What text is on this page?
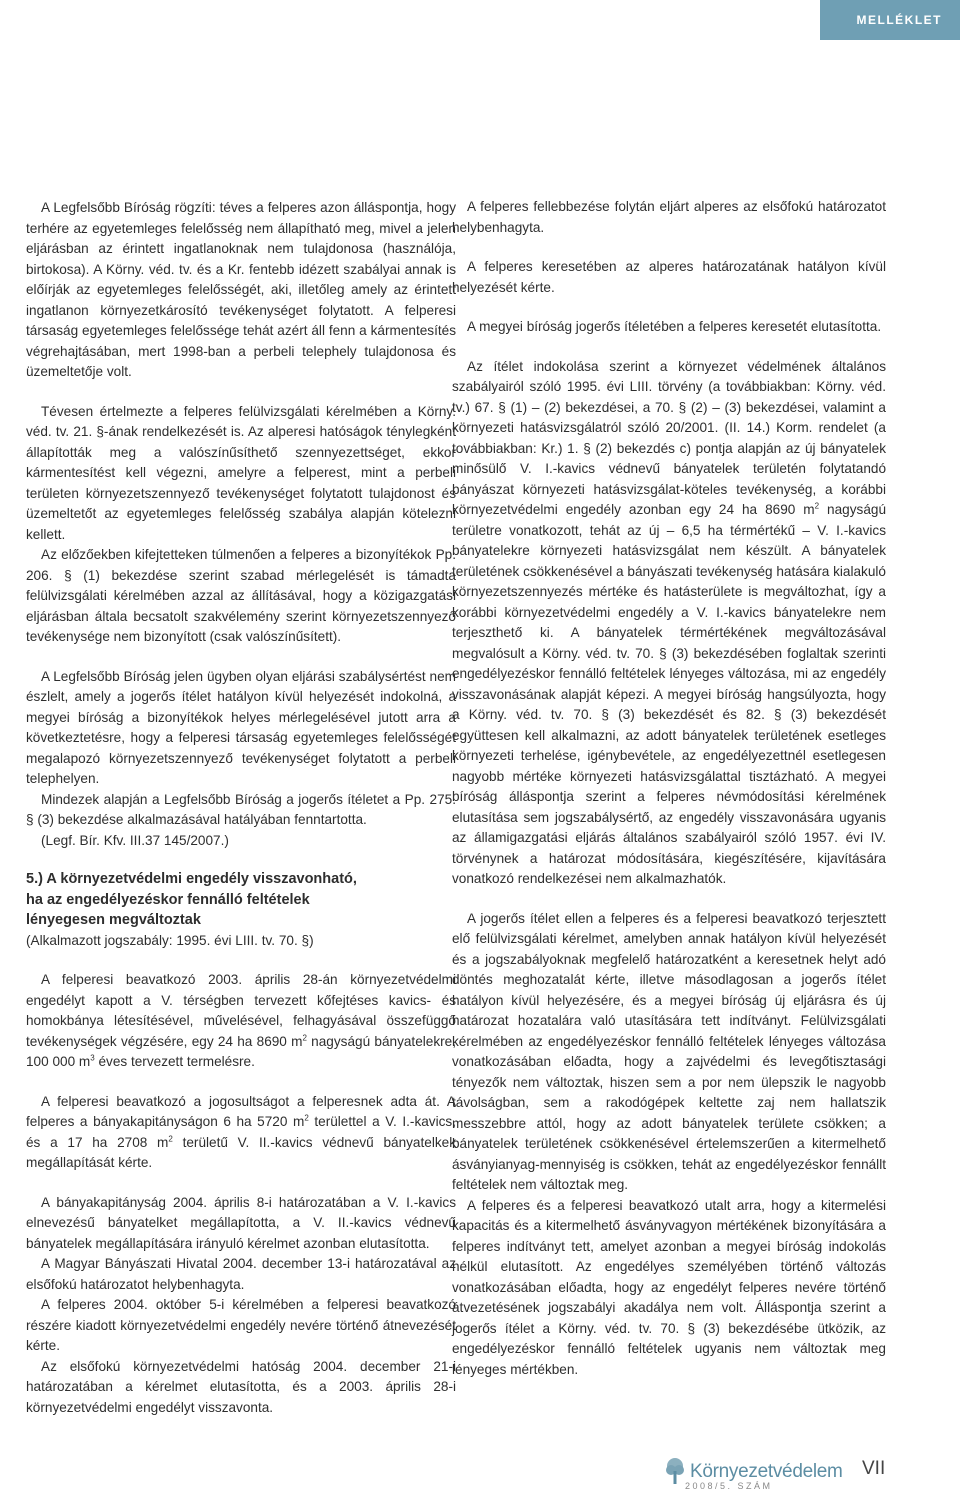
MELLÉKLET

A Legfelsőbb Bíróság rögzíti: téves a felperes azon álláspontja, hogy terhére az egyetemleges felelősség nem állapítható meg, mivel a jelen eljárásban az érintett ingatlanoknak nem tulajdonosa (használója, birtokosa). A Körny. véd. tv. és a Kr. fentebb idézett szabályai annak is előírják az egyetemleges felelősségét, aki, illetőleg amely az érintett ingatlanon környezetkárosító tevékenységet folytatott. A felperesi társaság egyetemleges felelőssége tehát azért áll fenn a kármentesítés végrehajtásában, mert 1998-ban a perbeli telephely tulajdonosa és üzemeltetője volt.

Tévesen értelmezte a felperes felülvizsgálati kérelmében a Körny. véd. tv. 21. §-ának rendelkezését is. Az alperesi hatóságok ténylegként állapították meg a valószínűsíthető szennyezettséget, ekkor kármentesítést kell végezni, amelyre a felperest, mint a perbeli területen környezetszennyező tevékenységet folytatott tulajdonost és üzemeltetőt az egyetemleges felelősség szabálya alapján kötelezni kellett.

Az előzőekben kifejtetteken túlmenően a felperes a bizonyítékok Pp. 206. § (1) bekezdése szerint szabad mérlegelését is támadta felülvizsgálati kérelmében azzal az állításával, hogy a közigazgatási eljárásban általa becsatolt szakvélemény szerint környezetszennyező tevékenysége nem bizonyított (csak valószínűsített).

A Legfelsőbb Bíróság jelen ügyben olyan eljárási szabálysértést nem észlelt, amely a jogerős ítélet hatályon kívül helyezését indokolná, a megyei bíróság a bizonyítékok helyes mérlegelésével jutott arra a következtetésre, hogy a felperesi társaság egyetemleges felelősségét megalapozó környezetszennyező tevékenységet folytatott a perbeli telephelyen.

Mindezek alapján a Legfelsőbb Bíróság a jogerős ítéletet a Pp. 275. § (3) bekezdése alkalmazásával hatályában fenntartotta.

(Legf. Bír. Kfv. III.37 145/2007.)

5.) A környezetvédelmi engedély visszavonható,
ha az engedélyezéskor fennálló feltételek
lényegesen megváltoztak

(Alkalmazott jogszabály: 1995. évi LIII. tv. 70. §)

A felperesi beavatkozó 2003. április 28-án környezetvédelmi engedélyt kapott a V. térségben tervezett kőfejtéses kavics- és homokbánya létesítésével, művelésével, felhagyásával összefüggő tevékenységek végzésére, egy 24 ha 8690 $m^2$ nagyságú bányatelekre, 100 000 $m^3$ éves tervezett termelésre.

A felperesi beavatkozó a jogosultságot a felperesnek adta át. A felperes a bányakapitányságon 6 ha 5720 $m^2$ területtel a V. I.-kavics, és a 17 ha 2708 $m^2$ területű V. II.-kavics védnevű bányatelkek megállapítását kérte.

A bányakapitányság 2004. április 8-i határozatában a V. I.-kavics elnevezésű bányatelket megállapította, a V. II.-kavics védnevű bányatelek megállapítására irányuló kérelmet azonban elutasította.

A Magyar Bányászati Hivatal 2004. december 13-i határozatával az elsőfokú határozatot helybenhagyta.

A felperes 2004. október 5-i kérelmében a felperesi beavatkozó részére kiadott környezetvédelmi engedély nevére történő átnevezését kérte.

Az elsőfokú környezetvédelmi hatóság 2004. december 21-i határozatában a kérelmet elutasította, és a 2003. április 28-i környezetvédelmi engedélyt visszavonta.

A felperes fellebbezése folytán eljárt alperes az elsőfokú határozatot helybenhagyta.

A felperes keresetében az alperes határozatának hatályon kívül helyezését kérte.

A megyei bíróság jogerős ítéletében a felperes keresetét elutasította.

Az ítélet indokolása szerint a környezet védelmének általános szabályairól szóló 1995. évi LIII. törvény (a továbbiakban: Körny. véd. tv.) 67. § (1) – (2) bekezdései, a 70. § (2) – (3) bekezdései, valamint a környezeti hatásvizsgálatról szóló 20/2001. (II. 14.) Korm. rendelet (a továbbiakban: Kr.) 1. § (2) bekezdés c) pontja alapján az új bányatelek minősülő V. I.-kavics védnevű bányatelek területén folytatandó bányászat környezeti hatásvizsgálat-köteles tevékenység, a korábbi környezetvédelmi engedély azonban egy 24 ha 8690 $m^2$ nagyságú területre vonatkozott, tehát az új – 6,5 ha térmértékű – V. I.-kavics bányatelekre környezeti hatásvizsgálat nem készült. A bányatelek területének csökkenésével a bányászati tevékenység hatására kialakuló környezetszennyezés mértéke és hatásterülete is megváltozhat, így a korábbi környezetvédelmi engedély a V. I.-kavics bányatelekre nem terjeszthető ki. A bányatelek térmértékének megváltozásával megvalósult a Körny. véd. tv. 70. § (3) bekezdésében foglaltak szerinti engedélyezéskor fennálló feltételek lényeges változása, mi az engedély visszavonásának alapját képezi. A megyei bíróság hangsúlyozta, hogy a Körny. véd. tv. 70. § (3) bekezdését és 82. § (3) bekezdését együttesen kell alkalmazni, az adott bányatelek területének esetleges környezeti terhelése, igénybevétele, az engedélyezettnél esetlegesen nagyobb mértéke környezeti hatásvizsgálattal tisztázható. A megyei bíróság álláspontja szerint a felperes névmódosítási kérelmének elutasítása sem jogszabálysértő, az engedély visszavonására ugyanis az államigazgatási eljárás általános szabályairól szóló 1957. évi IV. törvénynek a határozat módosítására, kiegészítésére, kijavítására vonatkozó rendelkezései nem alkalmazhatók.

A jogerős ítélet ellen a felperes és a felperesi beavatkozó terjesztett elő felülvizsgálati kérelmet, amelyben annak hatályon kívül helyezését és a jogszabályoknak megfelelő határozatként a keresetnek helyt adó döntés meghozatalát kérte, illetve másodlagosan a jogerős ítélet hatályon kívül helyezésére, és a megyei bíróság új eljárásra és új határozat hozatalára való utasítására tett indítványt. Felülvizsgálati kérelmében az engedélyezéskor fennálló feltételek lényeges változása vonatkozásában előadta, hogy a zajvédelmi és levegőtisztasági tényezők nem változtak, hiszen sem a por nem ülepszik le nagyobb távolságban, sem a rakodógépek keltette zaj nem hallatszik messzebbre attól, hogy az adott bányatelek területe csökken; a bányatelek területének csökkenésével értelemszerűen a kitermelhető ásványianyag-mennyiség is csökken, tehát az engedélyezéskor fennállt feltételek nem változtak meg.

A felperes és a felperesi beavatkozó utalt arra, hogy a kitermelési kapacitás és a kitermelhető ásványvagyon mértékének bizonyítására a felperes indítványt tett, amelyet azonban a megyei bíróság indokolás nélkül elutasított. Az engedélyes személyében történő változás vonatkozásában előadta, hogy az engedélyt felperes nevére történő átvezetésének jogszabályi akadálya nem volt. Álláspontja szerint a jogerős ítélet a Körny. véd. tv. 70. § (3) bekezdésébe ütközik, az engedélyezéskor fennálló feltételek ugyanis nem változtak meg lényeges mértékben.

Környezetvédelem VII
2008/5. SZÁM
